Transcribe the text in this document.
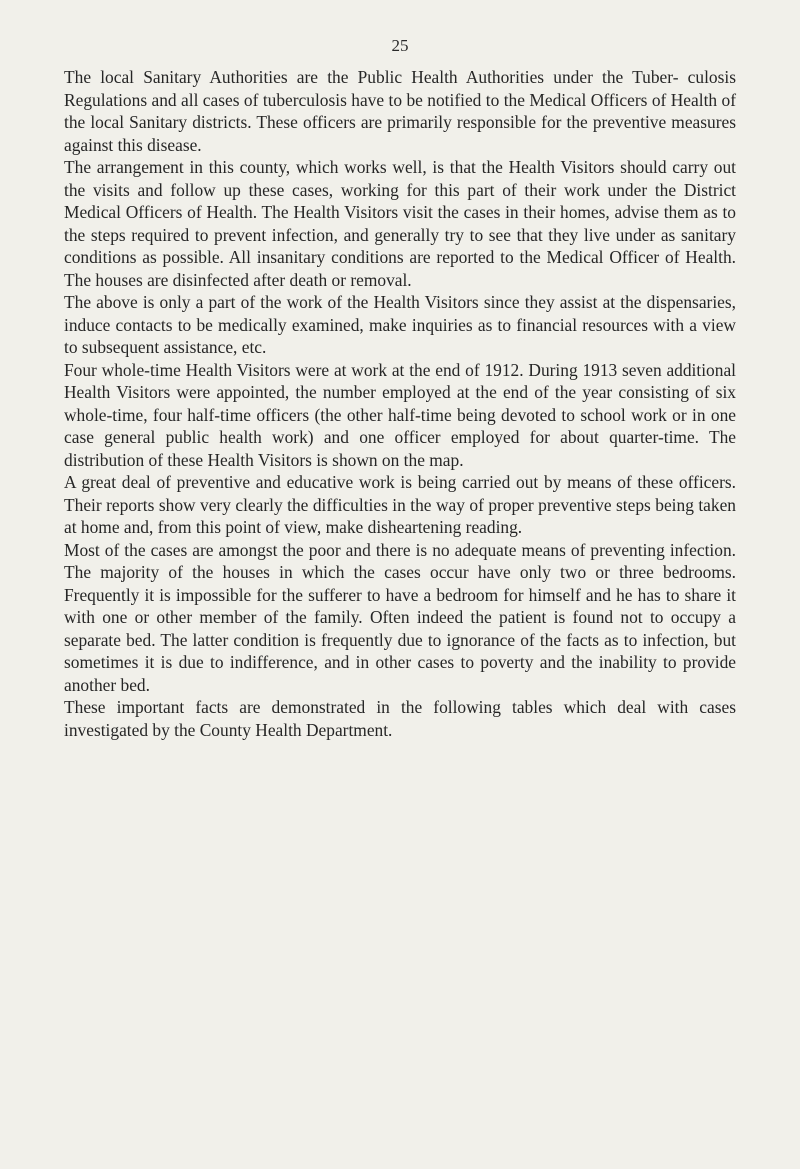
25

The local Sanitary Authorities are the Public Health Authorities under the Tuber- culosis Regulations and all cases of tuberculosis have to be notified to the Medical Officers of Health of the local Sanitary districts. These officers are primarily responsible for the preventive measures against this disease.

The arrangement in this county, which works well, is that the Health Visitors should carry out the visits and follow up these cases, working for this part of their work under the District Medical Officers of Health. The Health Visitors visit the cases in their homes, advise them as to the steps required to prevent infection, and generally try to see that they live under as sanitary conditions as possible. All insanitary conditions are reported to the Medical Officer of Health. The houses are disinfected after death or removal.

The above is only a part of the work of the Health Visitors since they assist at the dispensaries, induce contacts to be medically examined, make inquiries as to financial resources with a view to subsequent assistance, etc.

Four whole-time Health Visitors were at work at the end of 1912. During 1913 seven additional Health Visitors were appointed, the number employed at the end of the year consisting of six whole-time, four half-time officers (the other half-time being devoted to school work or in one case general public health work) and one officer employed for about quarter-time. The distribution of these Health Visitors is shown on the map.

A great deal of preventive and educative work is being carried out by means of these officers. Their reports show very clearly the difficulties in the way of proper preventive steps being taken at home and, from this point of view, make disheartening reading.

Most of the cases are amongst the poor and there is no adequate means of preventing infection. The majority of the houses in which the cases occur have only two or three bedrooms. Frequently it is impossible for the sufferer to have a bedroom for himself and he has to share it with one or other member of the family. Often indeed the patient is found not to occupy a separate bed. The latter condition is frequently due to ignorance of the facts as to infection, but sometimes it is due to indifference, and in other cases to poverty and the inability to provide another bed.

These important facts are demonstrated in the following tables which deal with cases investigated by the County Health Department.
